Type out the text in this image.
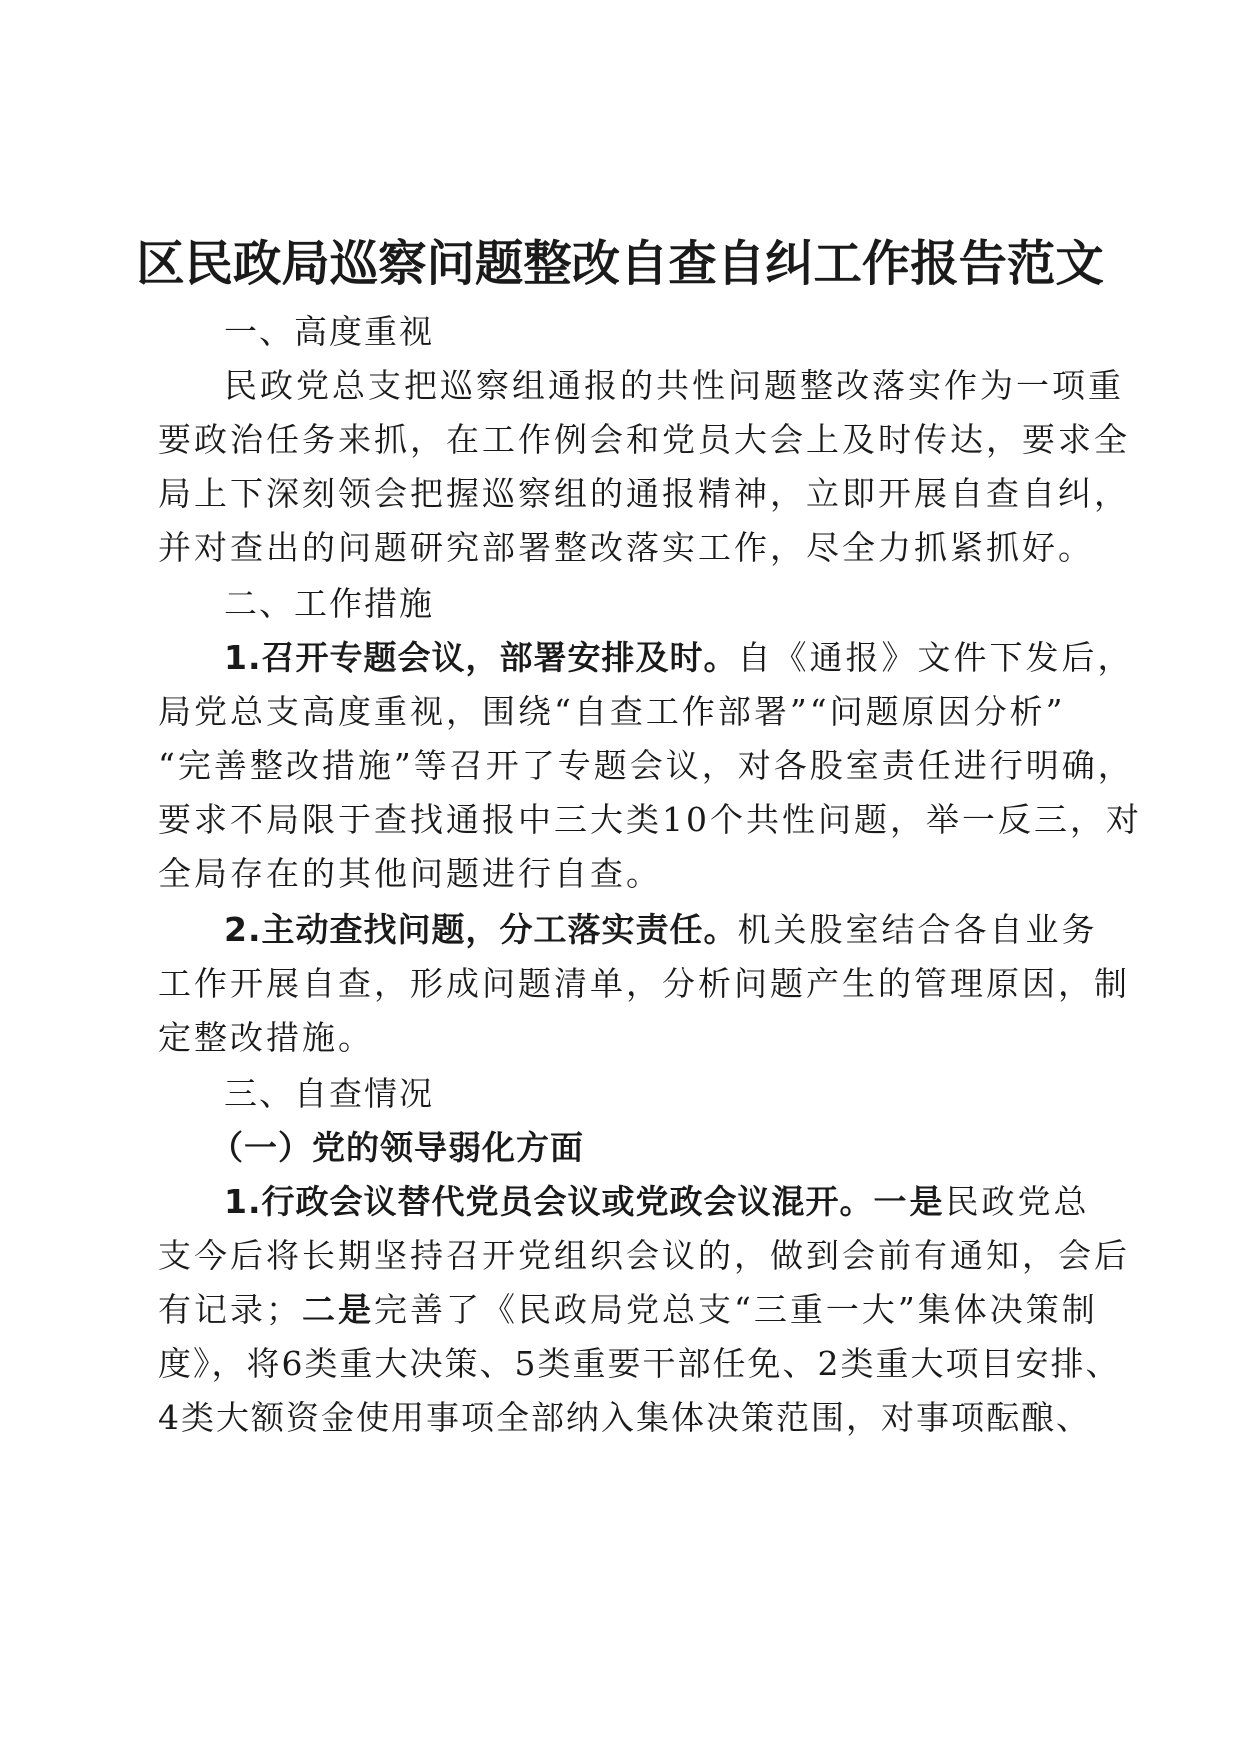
区民政局巡察问题整改自查自纠工作报告范文
一、高度重视
民政党总支把巡察组通报的共性问题整改落实作为一项重
要政治任务来抓，在工作例会和党员大会上及时传达，要求全
局上下深刻领会把握巡察组的通报精神，立即开展自查自纠，
并对查出的问题研究部署整改落实工作，尽全力抓紧抓好。
二、工作措施
1.召开专题会议，部署安排及时。自《通报》文件下发后，
局党总支高度重视，围绕“自查工作部署”“问题原因分析”
“完善整改措施”等召开了专题会议，对各股室责任进行明确，
要求不局限于查找通报中三大类10个共性问题，举一反三，对
全局存在的其他问题进行自查。
2.主动查找问题，分工落实责任。机关股室结合各自业务
工作开展自查，形成问题清单，分析问题产生的管理原因，制
定整改措施。
三、自查情况
（一）党的领导弱化方面
1.行政会议替代党员会议或党政会议混开。一是民政党总
支今后将长期坚持召开党组织会议的，做到会前有通知，会后
有记录；二是完善了《民政局党总支“三重一大”集体决策制
度》，将6类重大决策、5类重要干部任免、2类重大项目安排、
4类大额资金使用事项全部纳入集体决策范围，对事项酝酿、
